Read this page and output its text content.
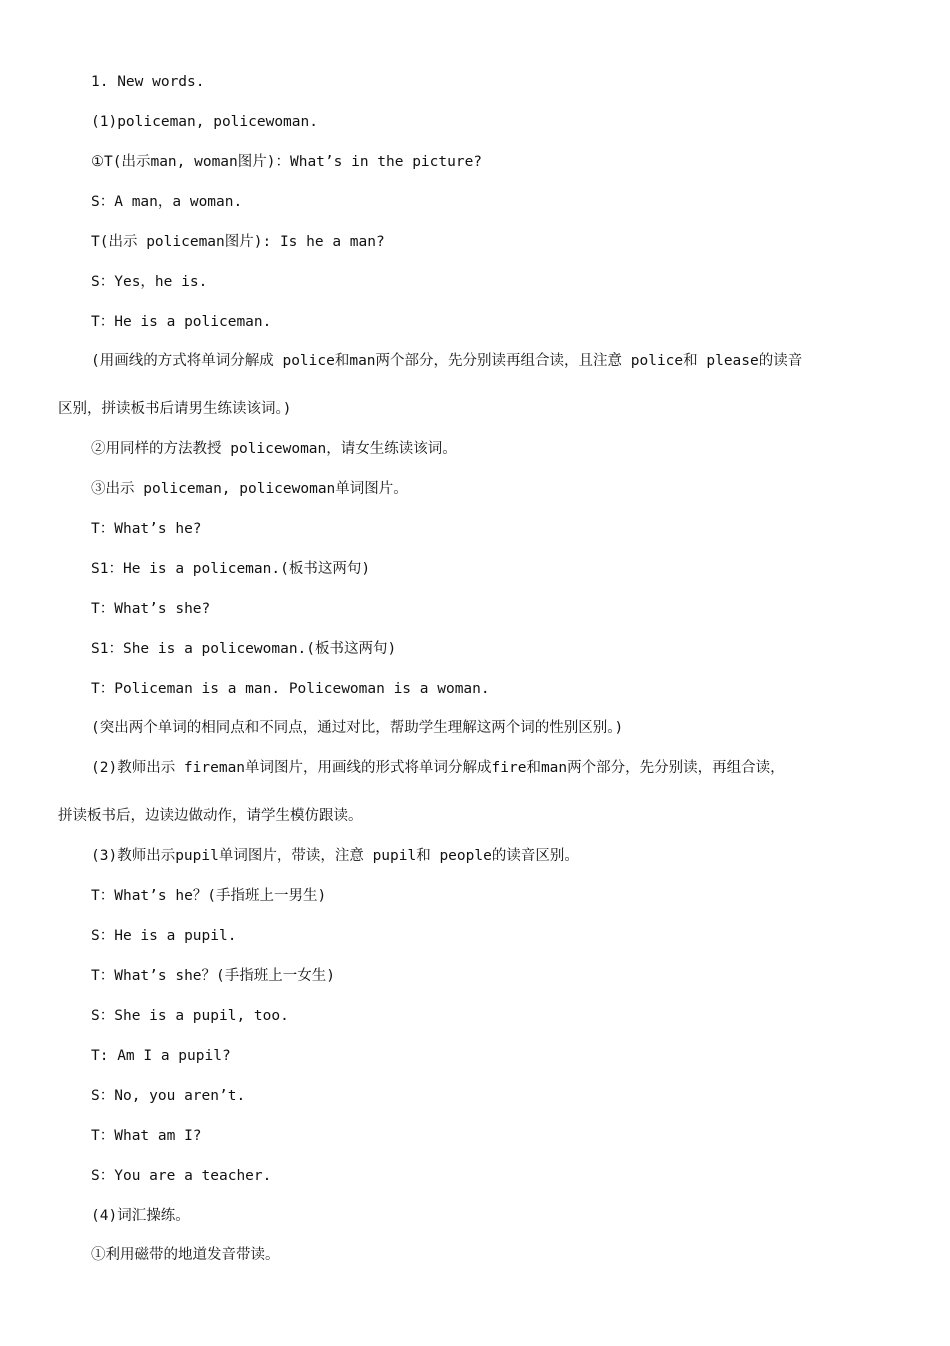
1. New words.
(1)policeman, policewoman.
①T(出示man, woman图片)：What’s in the picture?
S：A man，a woman.
T(出示 policeman图片): Is he a man?
S：Yes，he is.
T：He is a policeman.
(用画线的方式将单词分解成 police和man两个部分，先分别读再组合读，且注意 police和 please的读音
区别，拼读板书后请男生练读该词。)
②用同样的方法教授 policewoman，请女生练读该词。
③出示 policeman, policewoman单词图片。
T：What’s he?
S1：He is a policeman.(板书这两句)
T：What’s she?
S1：She is a policewoman.(板书这两句)
T：Policeman is a man. Policewoman is a woman.
(突出两个单词的相同点和不同点，通过对比，帮助学生理解这两个词的性别区别。)
(2)教师出示 fireman单词图片，用画线的形式将单词分解成fire和man两个部分，先分别读，再组合读，
拼读板书后，边读边做动作，请学生模仿跟读。
(3)教师出示pupil单词图片，带读，注意 pupil和 people的读音区别。
T：What’s he？(手指班上一男生)
S：He is a pupil.
T：What’s she？(手指班上一女生)
S：She is a pupil, too.
T: Am I a pupil?
S：No, you aren’t.
T：What am I?
S：You are a teacher.
(4)词汇操练。
①利用磁带的地道发音带读。
